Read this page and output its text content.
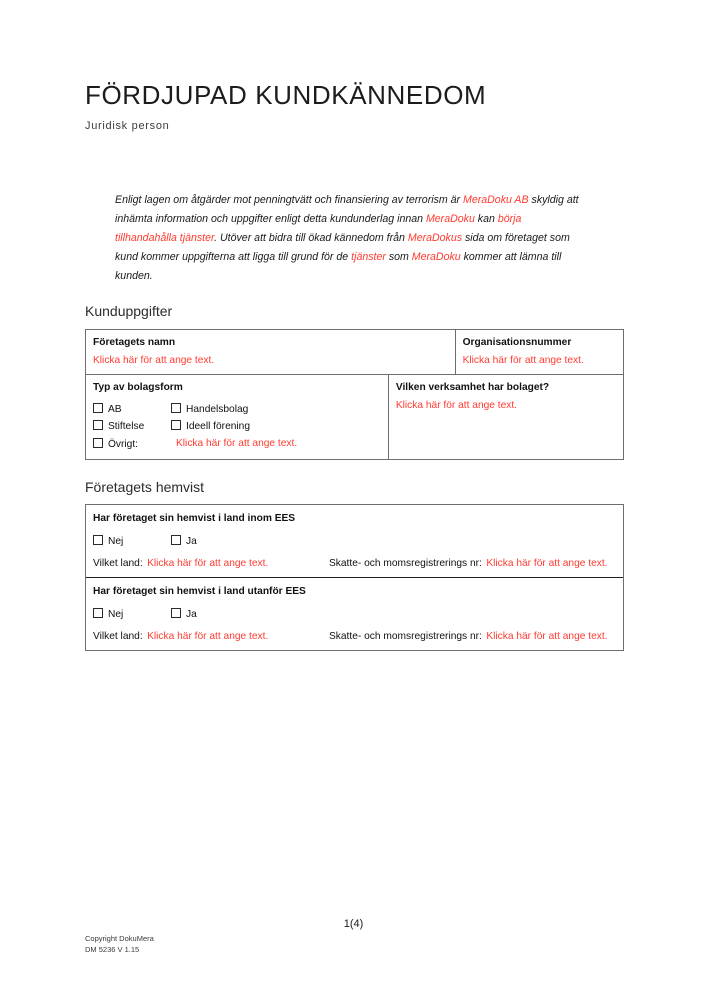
FÖRDJUPAD KUNDKÄNNEDOM
Juridisk person

Enligt lagen om åtgärder mot penningtvätt och finansiering av terrorism är MeraDoku AB skyldig att inhämta information och uppgifter enligt detta kundunderlag innan MeraDoku kan börja tillhandahålla tjänster. Utöver att bidra till ökad kännedom från MeraDokus sida om företaget som kund kommer uppgifterna att ligga till grund för de tjänster som MeraDoku kommer att lämna till kunden.

Kunduppgifter
Företagets namn
Klicka här för att ange text.
Organisationsnummer
Klicka här för att ange text.
Typ av bolagsform
AB	Handelsbolag
Stiftelse	Ideell förening
Övrigt:	Klicka här för att ange text.
Vilken verksamhet har bolaget?
Klicka här för att ange text.
Företagets hemvist
Har företaget sin hemvist i land inom EES
Nej	Ja
Vilket land: Klicka här för att ange text.	Skatte- och momsregistrerings nr: Klicka här för att ange text.
Har företaget sin hemvist i land utanför EES
Nej	Ja
Vilket land: Klicka här för att ange text.	Skatte- och momsregistrerings nr: Klicka här för att ange text.
1(4)
Copyright DokuMera
DM 5236 V 1.15
